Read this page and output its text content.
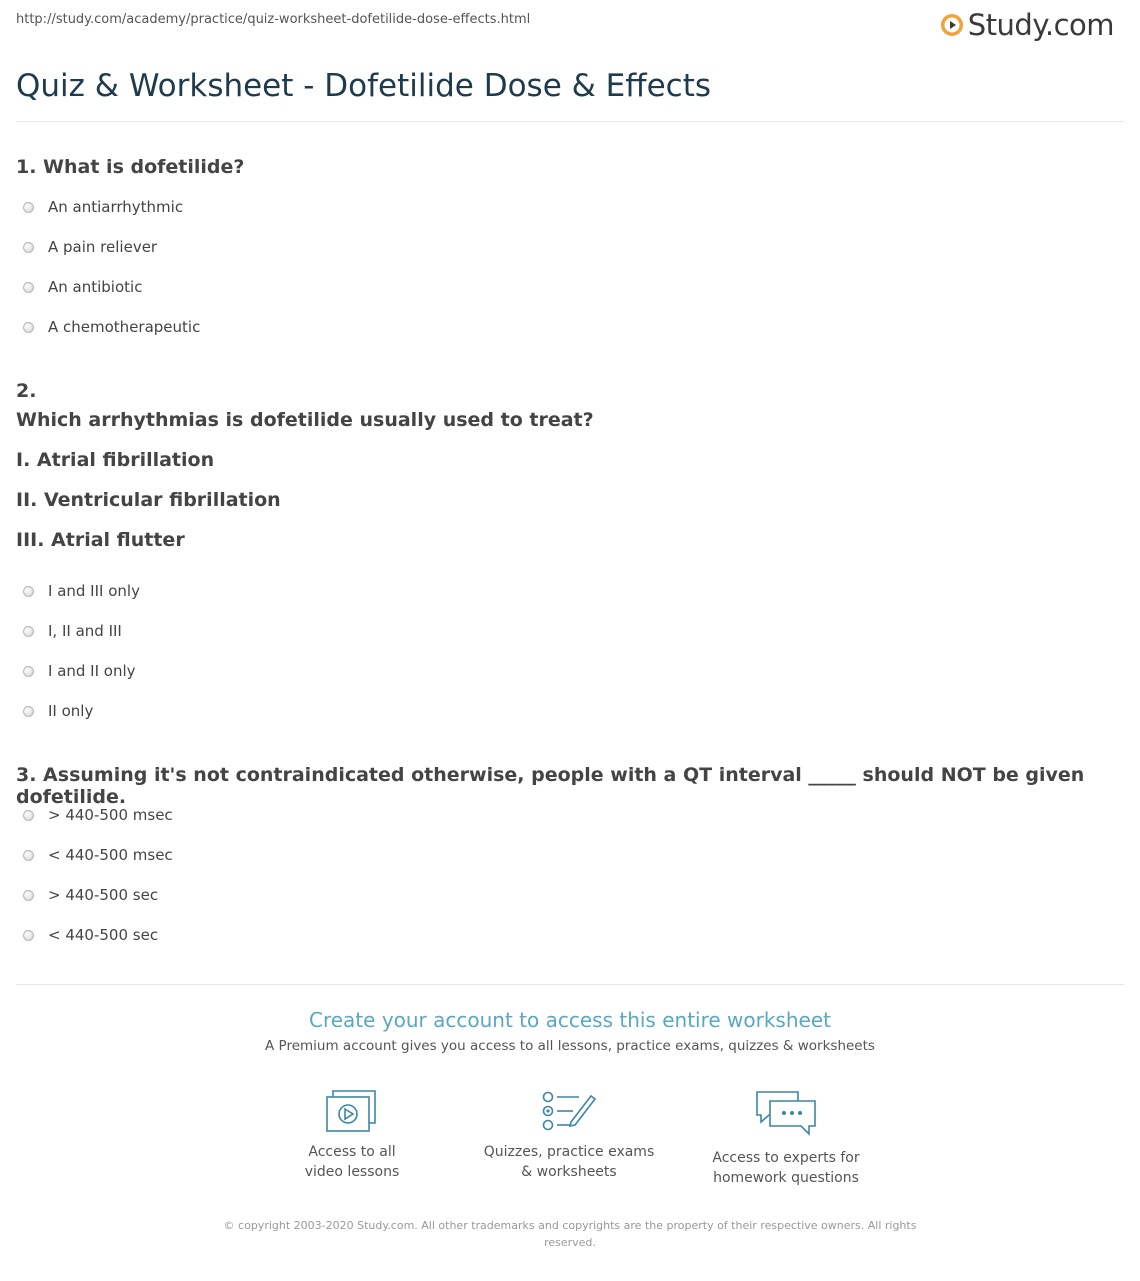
http://study.com/academy/practice/quiz-worksheet-dofetilide-dose-effects.html	Study.com
Quiz & Worksheet - Dofetilide Dose & Effects
1. What is dofetilide?
An antiarrhythmic
A pain reliever
An antibiotic
A chemotherapeutic
2.
Which arrhythmias is dofetilide usually used to treat?
I. Atrial fibrillation
II. Ventricular fibrillation
III. Atrial flutter
I and III only
I, II and III
I and II only
II only
3. Assuming it's not contraindicated otherwise, people with a QT interval _____ should NOT be given dofetilide.
> 440-500 msec
< 440-500 msec
> 440-500 sec
< 440-500 sec
Create your account to access this entire worksheet
A Premium account gives you access to all lessons, practice exams, quizzes & worksheets
Access to all
video lessons
Quizzes, practice exams
& worksheets
Access to experts for
homework questions
© copyright 2003-2020 Study.com. All other trademarks and copyrights are the property of their respective owners. All rights
reserved.
